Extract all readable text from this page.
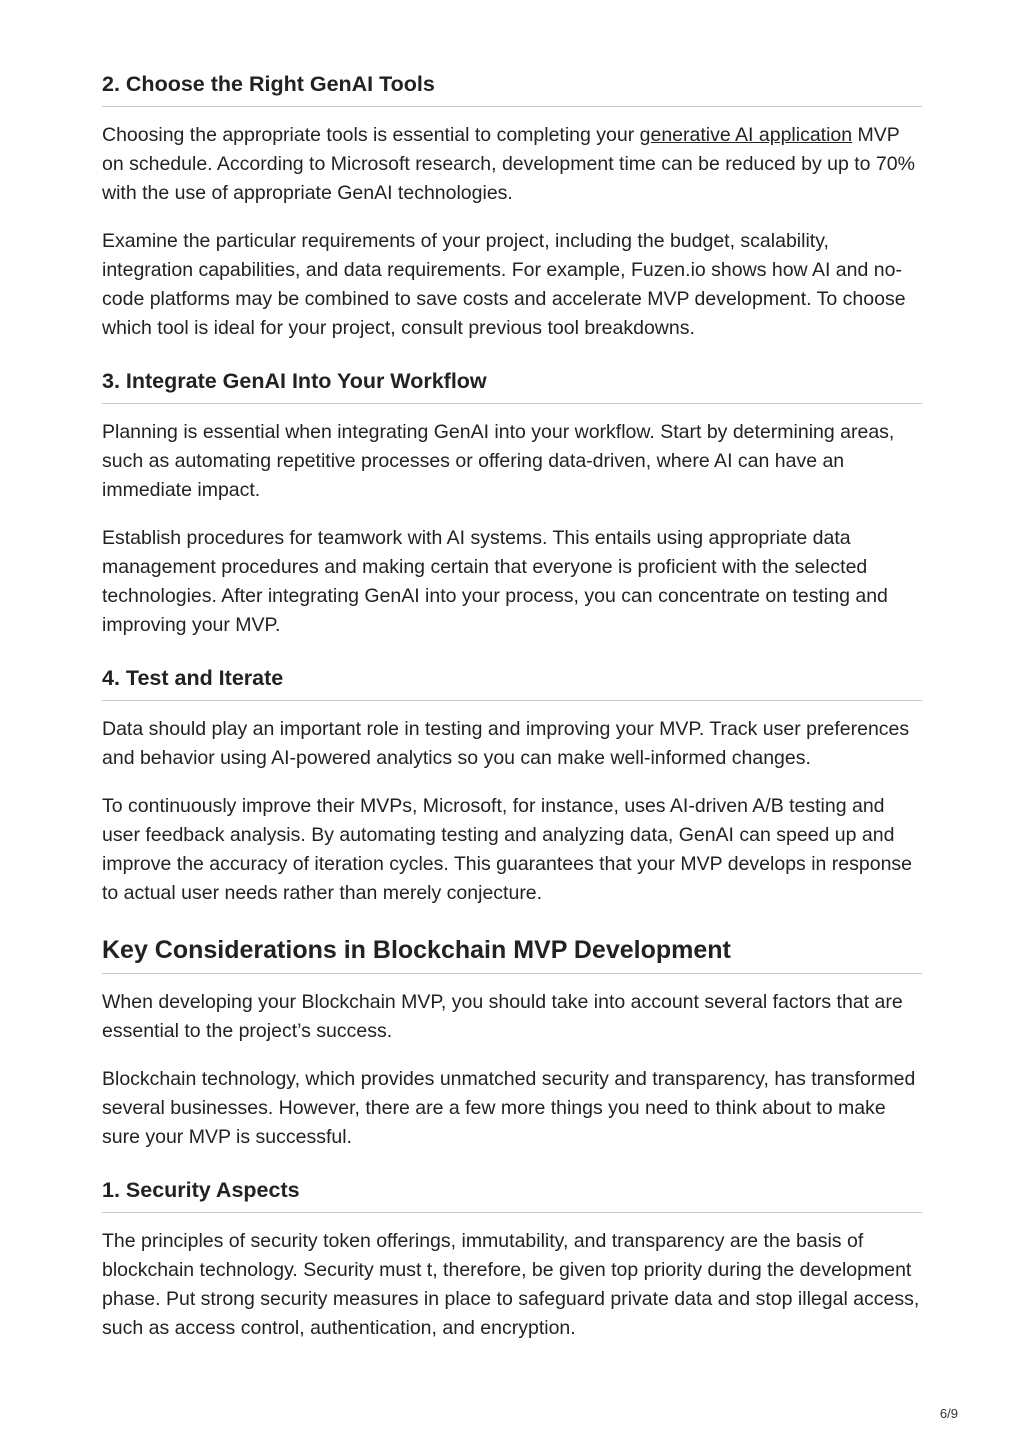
2. Choose the Right GenAI Tools

Choosing the appropriate tools is essential to completing your generative AI application MVP on schedule. According to Microsoft research, development time can be reduced by up to 70% with the use of appropriate GenAI technologies.

Examine the particular requirements of your project, including the budget, scalability, integration capabilities, and data requirements. For example, Fuzen.io shows how AI and no-code platforms may be combined to save costs and accelerate MVP development. To choose which tool is ideal for your project, consult previous tool breakdowns.

3. Integrate GenAI Into Your Workflow

Planning is essential when integrating GenAI into your workflow. Start by determining areas, such as automating repetitive processes or offering data-driven, where AI can have an immediate impact.

Establish procedures for teamwork with AI systems. This entails using appropriate data management procedures and making certain that everyone is proficient with the selected technologies. After integrating GenAI into your process, you can concentrate on testing and improving your MVP.

4. Test and Iterate

Data should play an important role in testing and improving your MVP. Track user preferences and behavior using AI-powered analytics so you can make well-informed changes.

To continuously improve their MVPs, Microsoft, for instance, uses AI-driven A/B testing and user feedback analysis. By automating testing and analyzing data, GenAI can speed up and improve the accuracy of iteration cycles. This guarantees that your MVP develops in response to actual user needs rather than merely conjecture.

Key Considerations in Blockchain MVP Development

When developing your Blockchain MVP, you should take into account several factors that are essential to the project’s success.

Blockchain technology, which provides unmatched security and transparency, has transformed several businesses. However, there are a few more things you need to think about to make sure your MVP is successful.

1. Security Aspects

The principles of security token offerings, immutability, and transparency are the basis of blockchain technology. Security must t, therefore, be given top priority during the development phase. Put strong security measures in place to safeguard private data and stop illegal access, such as access control, authentication, and encryption.

6/9
